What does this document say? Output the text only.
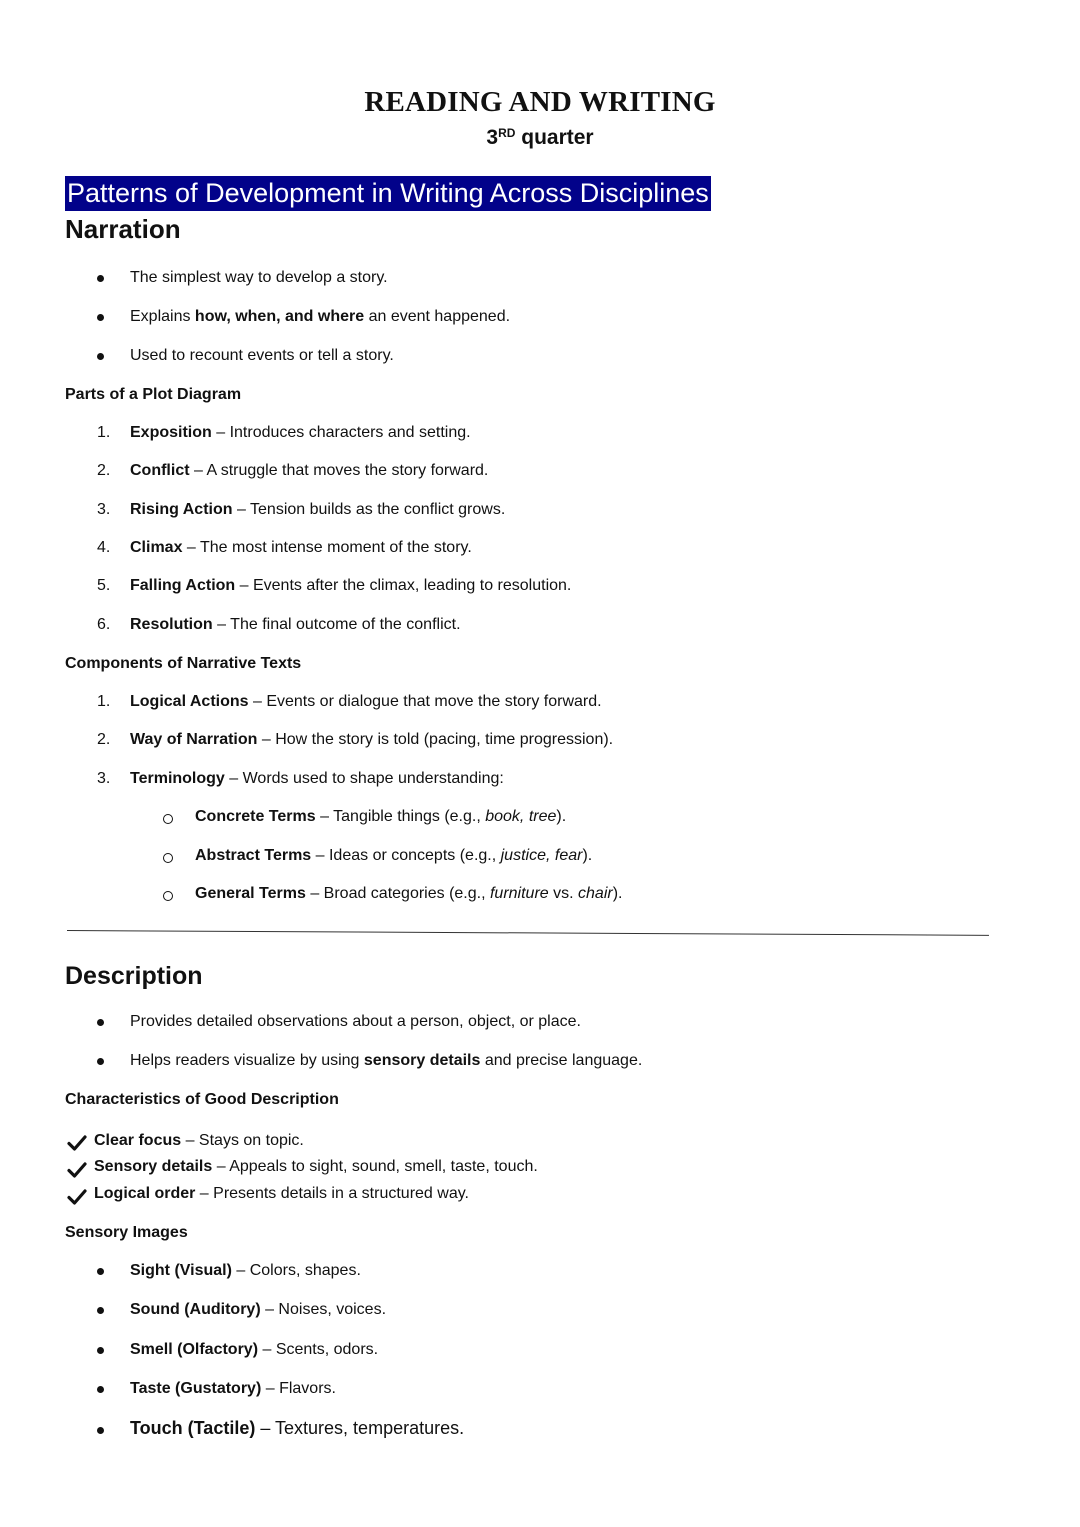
READING AND WRITING
3RD quarter
Patterns of Development in Writing Across Disciplines
Narration
The simplest way to develop a story.
Explains how, when, and where an event happened.
Used to recount events or tell a story.
Parts of a Plot Diagram
1. Exposition – Introduces characters and setting.
2. Conflict – A struggle that moves the story forward.
3. Rising Action – Tension builds as the conflict grows.
4. Climax – The most intense moment of the story.
5. Falling Action – Events after the climax, leading to resolution.
6. Resolution – The final outcome of the conflict.
Components of Narrative Texts
1. Logical Actions – Events or dialogue that move the story forward.
2. Way of Narration – How the story is told (pacing, time progression).
3. Terminology – Words used to shape understanding:
Concrete Terms – Tangible things (e.g., book, tree).
Abstract Terms – Ideas or concepts (e.g., justice, fear).
General Terms – Broad categories (e.g., furniture vs. chair).
Description
Provides detailed observations about a person, object, or place.
Helps readers visualize by using sensory details and precise language.
Characteristics of Good Description
Clear focus – Stays on topic.
Sensory details – Appeals to sight, sound, smell, taste, touch.
Logical order – Presents details in a structured way.
Sensory Images
Sight (Visual) – Colors, shapes.
Sound (Auditory) – Noises, voices.
Smell (Olfactory) – Scents, odors.
Taste (Gustatory) – Flavors.
Touch (Tactile) – Textures, temperatures.
